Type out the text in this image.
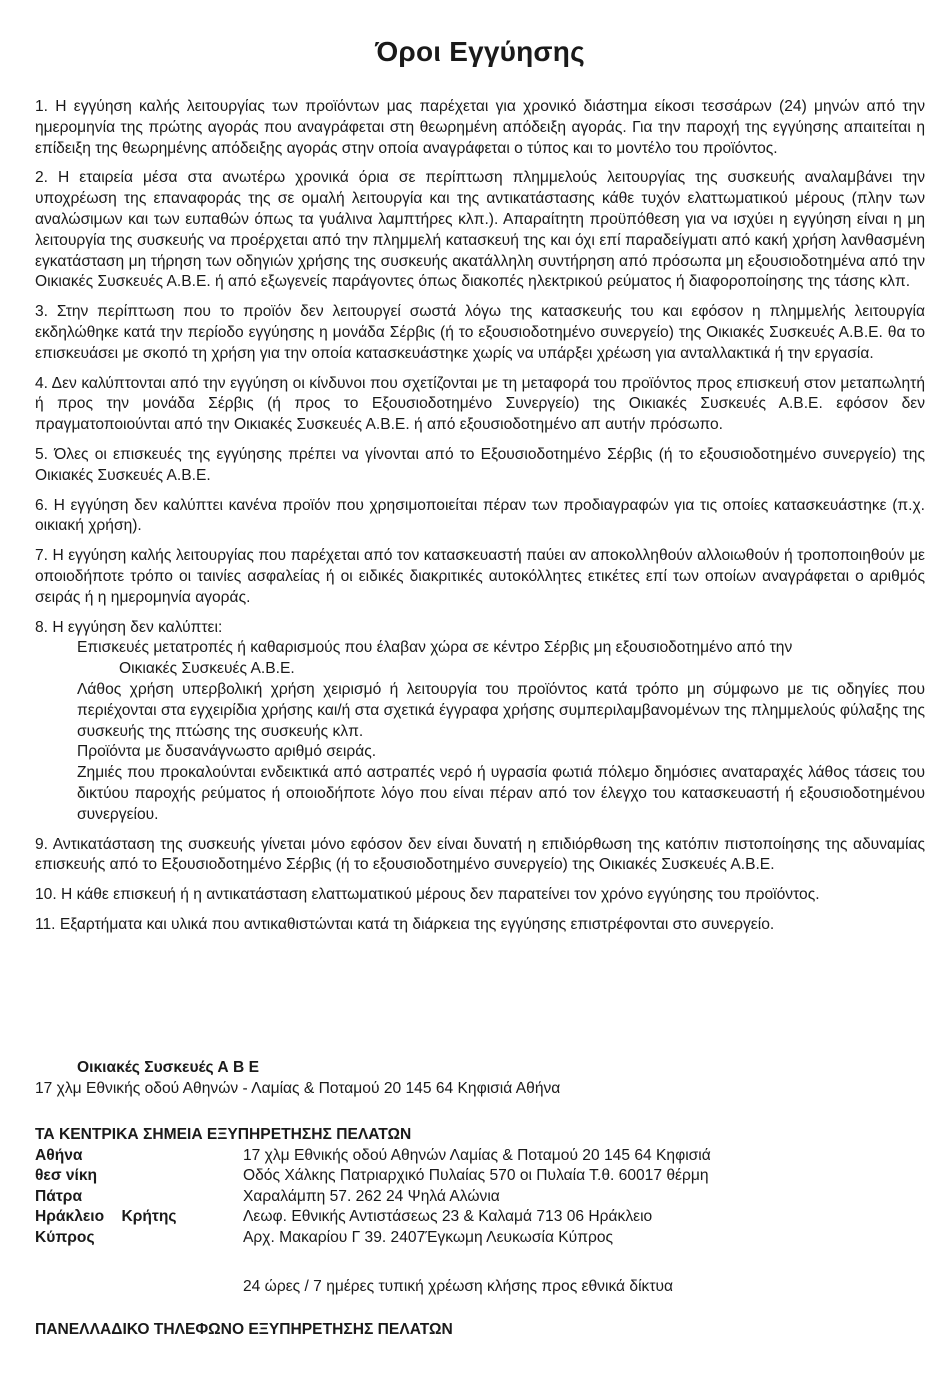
Όροι Εγγύησης

1. Η εγγύηση καλής λειτουργίας των προϊόντων μας παρέχεται για χρονικό διάστημα είκοσι τεσσάρων (24) μηνών από την ημερομηνία της πρώτης αγοράς που αναγράφεται στη θεωρημένη απόδειξη αγοράς. Για την παροχή της εγγύησης απαιτείται η επίδειξη της θεωρημένης απόδειξης αγοράς στην οποία αναγράφεται ο τύπος και το μοντέλο του προϊόντος.

2. Η εταιρεία μέσα στα ανωτέρω χρονικά όρια σε περίπτωση πλημμελούς λειτουργίας της συσκευής αναλαμβάνει την υποχρέωση της επαναφοράς της σε ομαλή λειτουργία και της αντικατάστασης κάθε τυχόν ελαττωματικού μέρους (πλην των αναλώσιμων και των ευπαθών όπως τα γυάλινα λαμπτήρες κλπ.). Απαραίτητη προϋπόθεση για να ισχύει η εγγύηση είναι η μη λειτουργία της συσκευής να προέρχεται από την πλημμελή κατασκευή της και όχι επί παραδείγματι από κακή χρήση λανθασμένη εγκατάσταση μη τήρηση των οδηγιών χρήσης της συσκευής ακατάλληλη συντήρηση από πρόσωπα μη εξουσιοδοτημένα από την Οικιακές Συσκευές Α.Β.Ε. ή από εξωγενείς παράγοντες όπως διακοπές ηλεκτρικού ρεύματος ή διαφοροποίησης της τάσης κλπ.

3. Στην περίπτωση που το προϊόν δεν λειτουργεί σωστά λόγω της κατασκευής του και εφόσον η πλημμελής λειτουργία εκδηλώθηκε κατά την περίοδο εγγύησης η μονάδα Σέρβις (ή το εξουσιοδοτημένο συνεργείο) της Οικιακές Συσκευές Α.Β.Ε. θα το επισκευάσει με σκοπό τη χρήση για την οποία κατασκευάστηκε χωρίς να υπάρξει χρέωση για ανταλλακτικά ή την εργασία.

4. Δεν καλύπτονται από την εγγύηση οι κίνδυνοι που σχετίζονται με τη μεταφορά του προϊόντος προς επισκευή στον μεταπωλητή ή προς την μονάδα Σέρβις (ή προς το Εξουσιοδοτημένο Συνεργείο) της Οικιακές Συσκευές Α.Β.Ε. εφόσον δεν πραγματοποιούνται από την Οικιακές Συσκευές Α.Β.Ε. ή από εξουσιοδοτημένο απ αυτήν πρόσωπο.

5. Όλες οι επισκευές της εγγύησης πρέπει να γίνονται από το Εξουσιοδοτημένο Σέρβις (ή το εξουσιοδοτημένο συνεργείο) της Οικιακές Συσκευές Α.Β.Ε.

6. Η εγγύηση δεν καλύπτει κανένα προϊόν που χρησιμοποιείται πέραν των προδιαγραφών για τις οποίες κατασκευάστηκε (π.χ. οικιακή χρήση).

7. Η εγγύηση καλής λειτουργίας που παρέχεται από τον κατασκευαστή παύει αν αποκολληθούν αλλοιωθούν ή τροποποιηθούν με οποιοδήποτε τρόπο οι ταινίες ασφαλείας ή οι ειδικές διακριτικές αυτοκόλλητες ετικέτες επί των οποίων αναγράφεται ο αριθμός σειράς ή η ημερομηνία αγοράς.

8. Η εγγύηση δεν καλύπτει:

Επισκευές μετατροπές ή καθαρισμούς που έλαβαν χώρα σε κέντρο Σέρβις μη εξουσιοδοτημένο από την
Οικιακές Συσκευές Α.Β.Ε.

Λάθος χρήση υπερβολική χρήση χειρισμό ή λειτουργία του προϊόντος κατά τρόπο μη σύμφωνο με τις οδηγίες που περιέχονται στα εγχειρίδια χρήσης και/ή στα σχετικά έγγραφα χρήσης συμπεριλαμβανομένων της πλημμελούς φύλαξης της συσκευής της πτώσης της συσκευής κλπ.

Προϊόντα με δυσανάγνωστο αριθμό σειράς.

Ζημιές που προκαλούνται ενδεικτικά από αστραπές νερό ή υγρασία φωτιά πόλεμο δημόσιες αναταραχές λάθος τάσεις του δικτύου παροχής ρεύματος ή οποιοδήποτε λόγο που είναι πέραν από τον έλεγχο του κατασκευαστή ή εξουσιοδοτημένου συνεργείου.

9. Αντικατάσταση της συσκευής γίνεται μόνο εφόσον δεν είναι δυνατή η επιδιόρθωση της κατόπιν πιστοποίησης της αδυναμίας επισκευής από το Εξουσιοδοτημένο Σέρβις (ή το εξουσιοδοτημένο συνεργείο) της Οικιακές Συσκευές Α.Β.Ε.

10. Η κάθε επισκευή ή η αντικατάσταση ελαττωματικού μέρους δεν παρατείνει τον χρόνο εγγύησης του προϊόντος.

11. Εξαρτήματα και υλικά που αντικαθιστώνται κατά τη διάρκεια της εγγύησης επιστρέφονται στο συνεργείο.

Οικιακές Συσκευές Α Β Ε
17 χλμ Εθνικής οδού Αθηνών - Λαμίας & Ποταμού 20 145 64 Κηφισιά Αθήνα
ΤΑ ΚΕΝΤΡΙΚΑ ΣΗΜΕΙΑ ΕΞΥΠΗΡΕΤΗΣΗΣ ΠΕΛΑΤΩΝ
Αθήνα	17 χλμ Εθνικής οδού Αθηνών Λαμίας & Ποταμού 20 145 64 Κηφισιά
θεσ νίκη	Οδός Χάλκης Πατριαρχικό Πυλαίας 570 οι Πυλαία Τ.θ. 60017 θέρμη
Πάτρα	Χαραλάμπη 57. 262 24 Ψηλά Αλώνια
Ηράκλειο    Κρήτης	Λεωφ. Εθνικής Αντιστάσεως 23 & Καλαμά 713 06 Ηράκλειο
Κύπρος	Αρχ. Μακαρίου Γ 39. 2407Έγκωμη Λευκωσία Κύπρος
24 ώρες / 7 ημέρες τυπική χρέωση κλήσης προς εθνικά δίκτυα
ΠΑΝΕΛΛΑΔΙΚΟ ΤΗΛΕΦΩΝΟ ΕΞΥΠΗΡΕΤΗΣΗΣ ΠΕΛΑΤΩΝ
